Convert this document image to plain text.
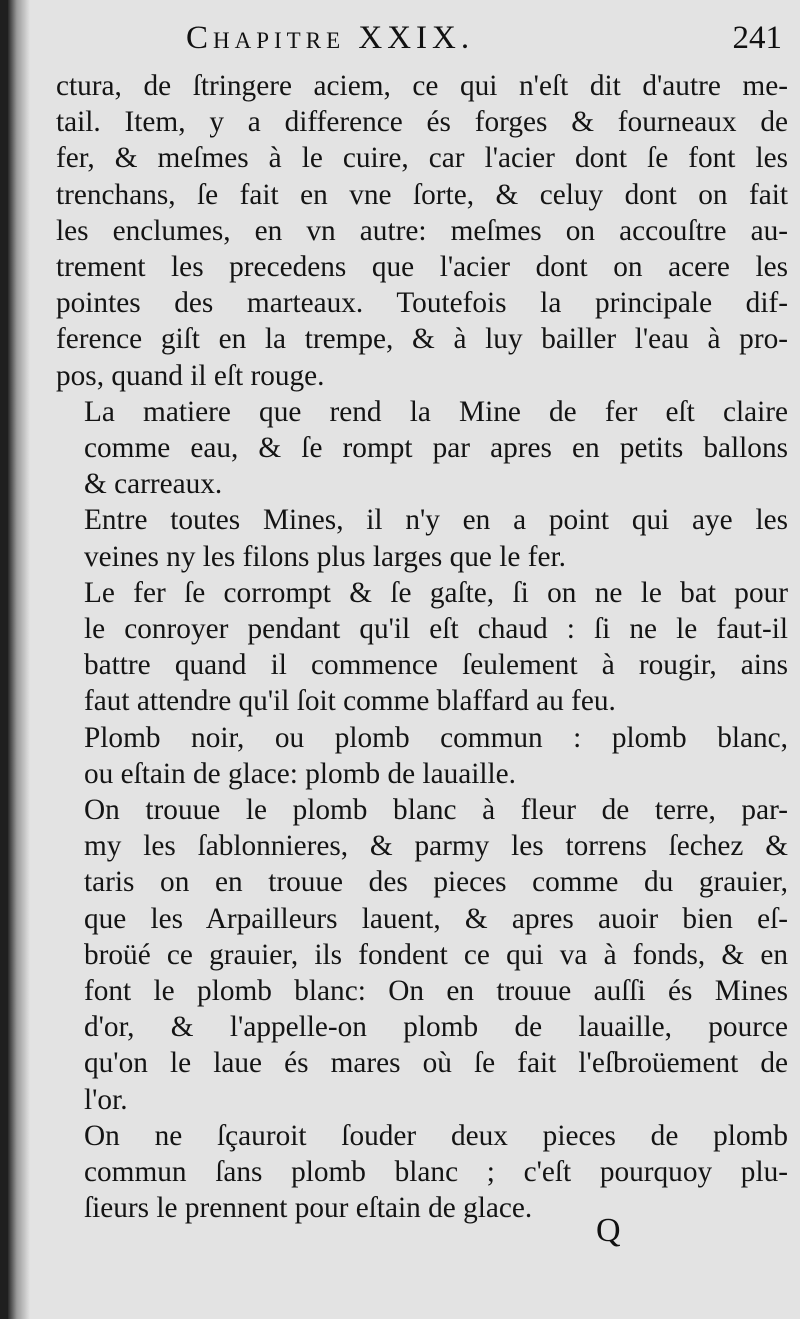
Chapitre XXIX.	241

ctura, de ſtringere aciem, ce qui n'eſt dit d'autre me-
tail. Item, y a difference és forges & fourneaux de
fer, & meſmes à le cuire, car l'acier dont ſe font les
trenchans, ſe fait en vne ſorte, & celuy dont on fait
les enclumes, en vn autre: meſmes on accouſtre au-
trement les precedens que l'acier dont on acere les
pointes des marteaux. Toutefois la principale dif-
ference giſt en la trempe, & à luy bailler l'eau à pro-
pos, quand il eſt rouge.

La matiere que rend la Mine de fer eſt claire
comme eau, & ſe rompt par apres en petits ballons
& carreaux.

Entre toutes Mines, il n'y en a point qui aye les
veines ny les filons plus larges que le fer.

Le fer ſe corrompt & ſe gaſte, ſi on ne le bat pour
le conroyer pendant qu'il eſt chaud : ſi ne le faut-il
battre quand il commence ſeulement à rougir, ains
faut attendre qu'il ſoit comme blaffard au feu.

Plomb noir, ou plomb commun : plomb blanc,
ou eſtain de glace: plomb de lauaille.

On trouue le plomb blanc à fleur de terre, par-
my les ſablonnieres, & parmy les torrens ſechez &
taris on en trouue des pieces comme du grauier,
que les Arpailleurs lauent, & apres auoir bien eſ-
broüé ce grauier, ils fondent ce qui va à fonds, & en
font le plomb blanc: On en trouue auſſi és Mines
d'or, & l'appelle-on plomb de lauaille, pource
qu'on le laue és mares où ſe fait l'eſbroüement de
l'or.

On ne ſçauroit ſouder deux pieces de plomb
commun ſans plomb blanc ; c'eſt pourquoy plu-
ſieurs le prennent pour eſtain de glace.

Q
